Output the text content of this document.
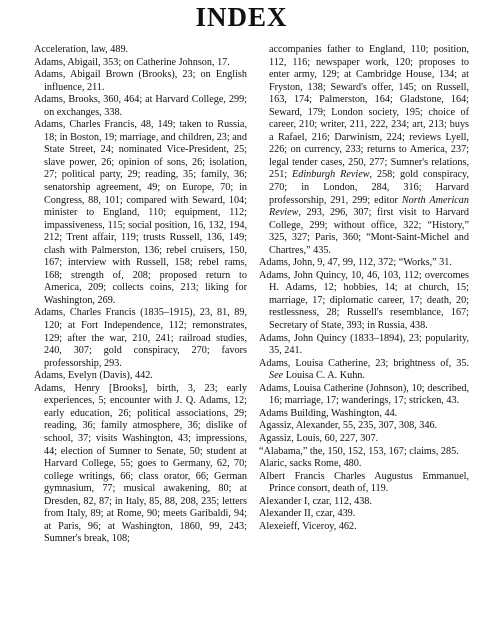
INDEX

Acceleration, law, 489.

Adams, Abigail, 353; on Catherine Johnson, 17.

Adams, Abigail Brown (Brooks), 23; on English influence, 211.

Adams, Brooks, 360, 464; at Harvard College, 299; on exchanges, 338.

Adams, Charles Francis, 48, 149; taken to Russia, 18; in Boston, 19; marriage, and children, 23; and State Street, 24; nominated Vice-President, 25; slave power, 26; opinion of sons, 26; isolation, 27; political party, 29; reading, 35; family, 36; senatorship agreement, 49; on Europe, 70; in Congress, 88, 101; compared with Seward, 104; minister to England, 110; equipment, 112; impassiveness, 115; social position, 16, 132, 194, 212; Trent affair, 119; trusts Russell, 136, 149; clash with Palmerston, 136; rebel cruisers, 150, 167; interview with Russell, 158; rebel rams, 168; strength of, 208; proposed return to America, 209; collects coins, 213; liking for Washington, 269.

Adams, Charles Francis (1835–1915), 23, 81, 89, 120; at Fort Independence, 112; remonstrates, 129; after the war, 210, 241; railroad studies, 240, 307; gold conspiracy, 270; favors professorship, 293.

Adams, Evelyn (Davis), 442.

Adams, Henry [Brooks], birth, 3, 23; early experiences, 5; encounter with J. Q. Adams, 12; early education, 26; political associations, 29; reading, 36; family atmosphere, 36; dislike of school, 37; visits Washington, 43; impressions, 44; election of Sumner to Senate, 50; student at Harvard College, 55; goes to Germany, 62, 70; college writings, 66; class orator, 66; German gymnasium, 77; musical awakening, 80; at Dresden, 82, 87; in Italy, 85, 88, 208, 235; letters from Italy, 89; at Rome, 90; meets Garibaldi, 94; at Paris, 96; at Washington, 1860, 99, 243; Sumner's break, 108;

accompanies father to England, 110; position, 112, 116; newspaper work, 120; proposes to enter army, 129; at Cambridge House, 134; at Fryston, 138; Seward's offer, 145; on Russell, 163, 174; Palmerston, 164; Gladstone, 164; Seward, 179; London society, 195; choice of career, 210; writer, 211, 222, 234; art, 213; buys a Rafael, 216; Darwinism, 224; reviews Lyell, 226; on currency, 233; returns to America, 237; legal tender cases, 250, 277; Sumner's relations, 251; Edinburgh Review, 258; gold conspiracy, 270; in London, 284, 316; Harvard professorship, 291, 299; editor North American Review, 293, 296, 307; first visit to Harvard College, 299; without office, 322; “History,” 325, 327; Paris, 360; “Mont-Saint-Michel and Chartres,” 435.

Adams, John, 9, 47, 99, 112, 372; “Works,” 31.

Adams, John Quincy, 10, 46, 103, 112; overcomes H. Adams, 12; hobbies, 14; at church, 15; marriage, 17; diplomatic career, 17; death, 20; restlessness, 28; Russell's resemblance, 167; Secretary of State, 393; in Russia, 438.

Adams, John Quincy (1833–1894), 23; popularity, 35, 241.

Adams, Louisa Catherine, 23; brightness of, 35. See Louisa C. A. Kuhn.

Adams, Louisa Catherine (Johnson), 10; described, 16; marriage, 17; wanderings, 17; stricken, 43.

Adams Building, Washington, 44.

Agassiz, Alexander, 55, 235, 307, 308, 346.

Agassiz, Louis, 60, 227, 307.

“Alabama,” the, 150, 152, 153, 167; claims, 285.

Alaric, sacks Rome, 480.

Albert Francis Charles Augustus Emmanuel, Prince consort, death of, 119.

Alexander I, czar, 112, 438.

Alexander II, czar, 439.

Alexeieff, Viceroy, 462.
